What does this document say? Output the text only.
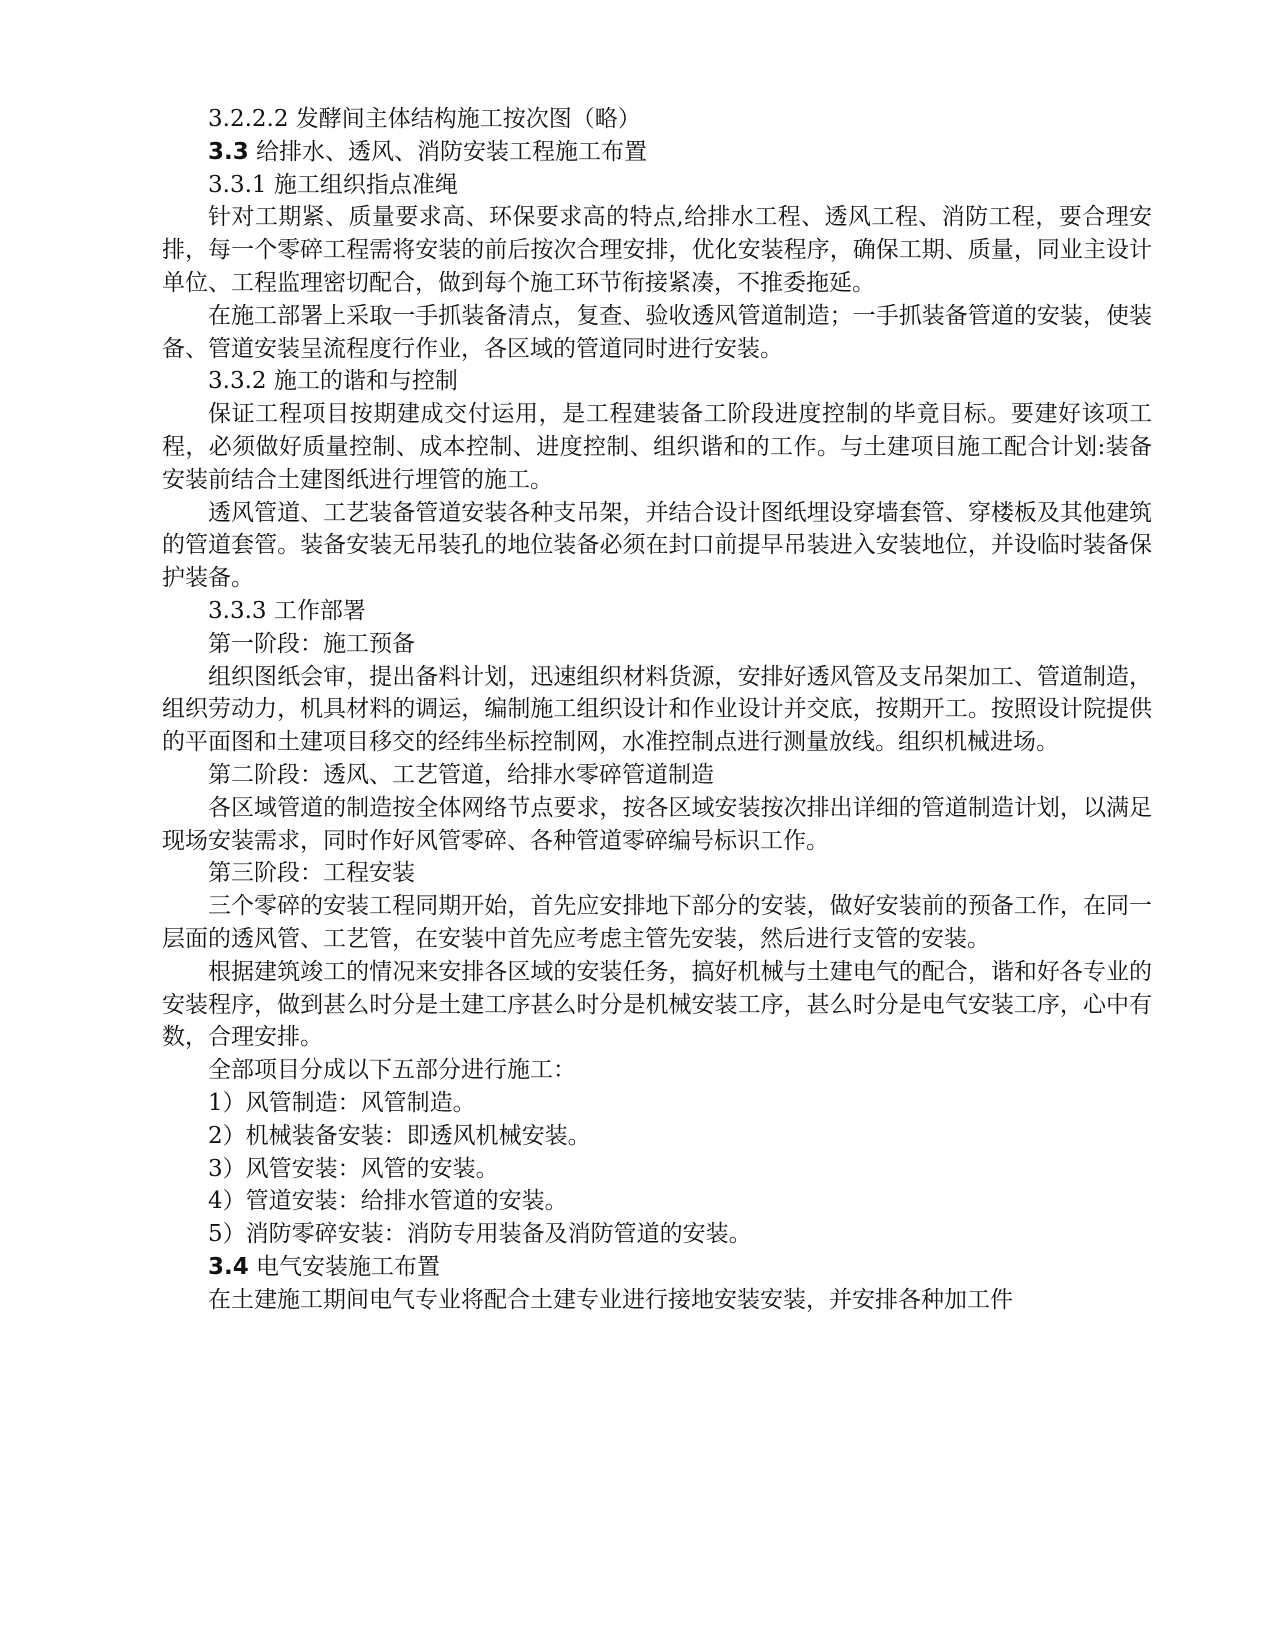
3.2.2.2 发酵间主体结构施工按次图（略）
3.3 给排水、透风、消防安装工程施工布置
3.3.1 施工组织指点准绳
针对工期紧、质量要求高、环保要求高的特点,给排水工程、透风工程、消防工程，要合理安排，每一个零碎工程需将安装的前后按次合理安排，优化安装程序，确保工期、质量，同业主设计单位、工程监理密切配合，做到每个施工环节衔接紧凑，不推委拖延。
在施工部署上采取一手抓装备清点，复查、验收透风管道制造；一手抓装备管道的安装，使装备、管道安装呈流程度行作业，各区域的管道同时进行安装。
3.3.2 施工的谐和与控制
保证工程项目按期建成交付运用，是工程建装备工阶段进度控制的毕竟目标。要建好该项工程，必须做好质量控制、成本控制、进度控制、组织谐和的工作。与土建项目施工配合计划:装备安装前结合土建图纸进行埋管的施工。
透风管道、工艺装备管道安装各种支吊架，并结合设计图纸埋设穿墙套管、穿楼板及其他建筑的管道套管。装备安装无吊装孔的地位装备必须在封口前提早吊装进入安装地位，并设临时装备保护装备。
3.3.3 工作部署
第一阶段：施工预备
组织图纸会审，提出备料计划，迅速组织材料货源，安排好透风管及支吊架加工、管道制造，组织劳动力，机具材料的调运，编制施工组织设计和作业设计并交底，按期开工。按照设计院提供的平面图和土建项目移交的经纬坐标控制网，水准控制点进行测量放线。组织机械进场。
第二阶段：透风、工艺管道，给排水零碎管道制造
各区域管道的制造按全体网络节点要求，按各区域安装按次排出详细的管道制造计划，以满足现场安装需求，同时作好风管零碎、各种管道零碎编号标识工作。
第三阶段：工程安装
三个零碎的安装工程同期开始，首先应安排地下部分的安装，做好安装前的预备工作，在同一层面的透风管、工艺管，在安装中首先应考虑主管先安装，然后进行支管的安装。
根据建筑竣工的情况来安排各区域的安装任务，搞好机械与土建电气的配合，谐和好各专业的安装程序，做到甚么时分是土建工序甚么时分是机械安装工序，甚么时分是电气安装工序，心中有数，合理安排。
全部项目分成以下五部分进行施工：
1）风管制造：风管制造。
2）机械装备安装：即透风机械安装。
3）风管安装：风管的安装。
4）管道安装：给排水管道的安装。
5）消防零碎安装：消防专用装备及消防管道的安装。
3.4 电气安装施工布置
在土建施工期间电气专业将配合土建专业进行接地安装安装，并安排各种加工件
